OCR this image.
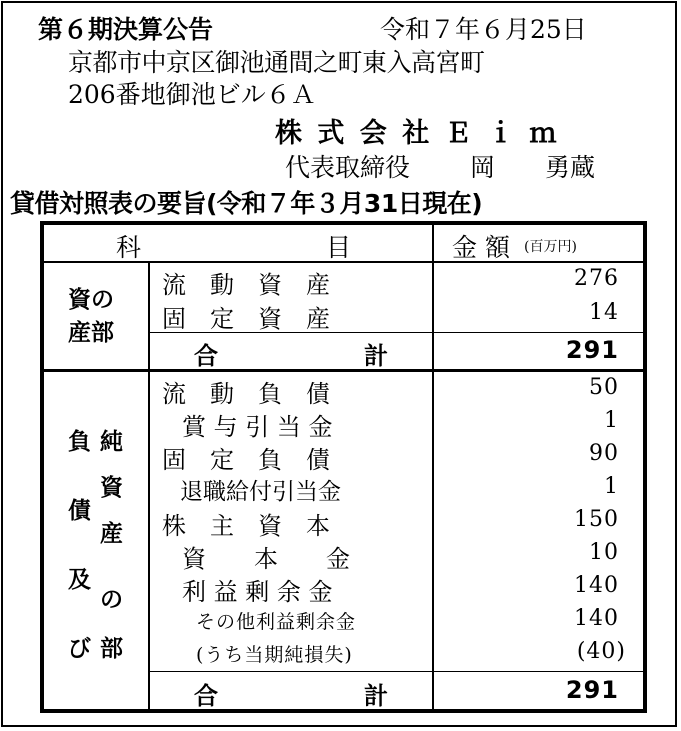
第６期決算公告	令和７年６月25日
京都市中京区御池通間之町東入高宮町
206番地御池ビル６Ａ
株 式 会 社 Ｅ ｉ ｍ
代表取締役 岡　　勇蔵
貸借対照表の要旨(令和７年３月31日現在)
科	目	金 額 (百万円)
資の
産部
流　動　資　産	276
固　定　資　産	14
合	計	291
負
債
及
び
純
資
産
の
部
流　動　負　債	50
賞 与 引 当 金	1
固　定　負　債	90
退職給付引当金	1
株　主　資　本	150
資　　本　　金	10
利 益 剰 余 金	140
その他利益剰余金	140
(うち当期純損失)	(40)
合	計	291
